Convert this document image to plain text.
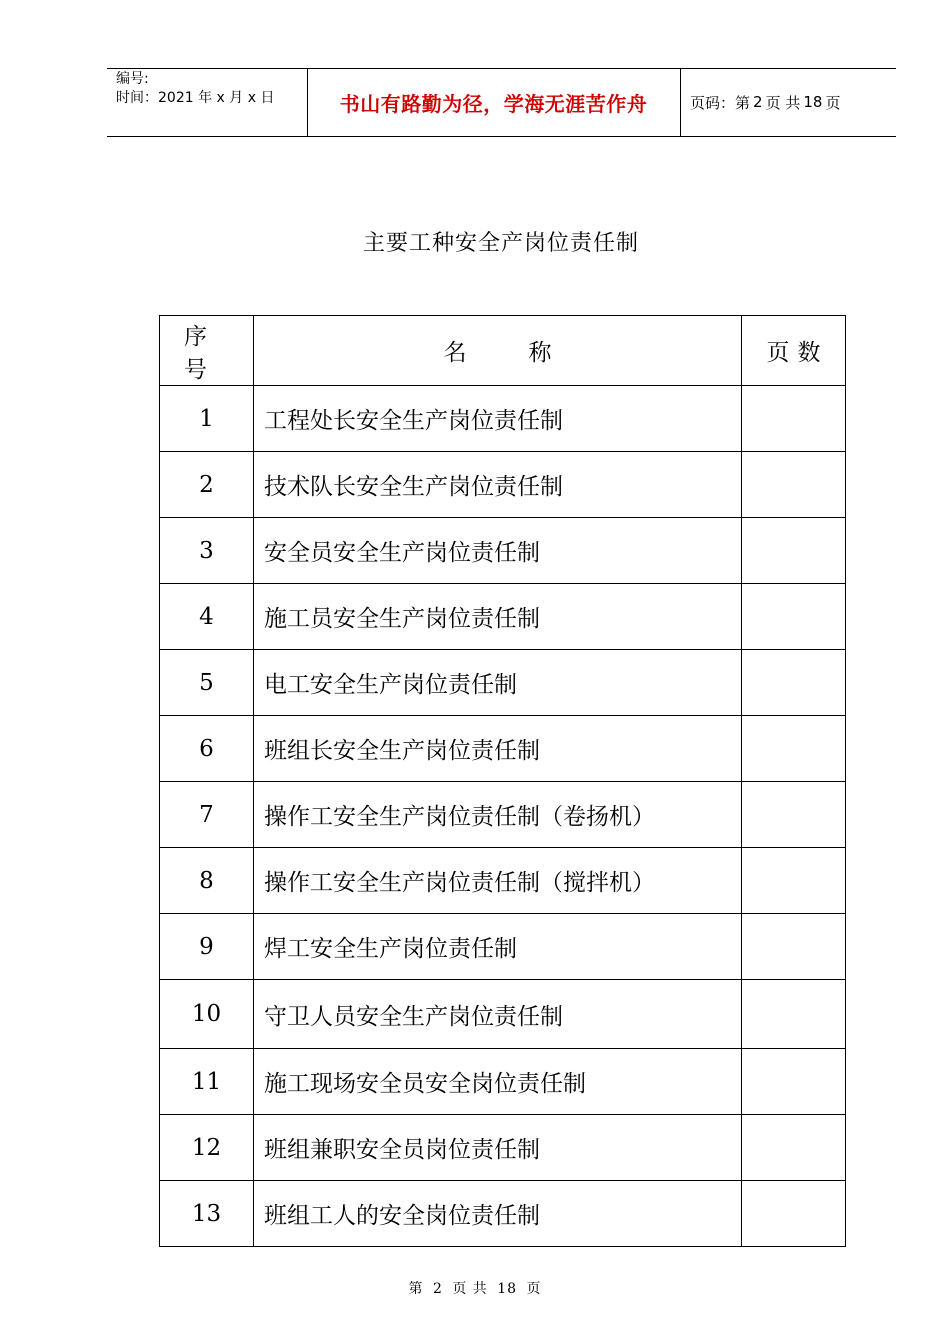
编号:
时间：2021 年 x 月 x 日	书山有路勤为径，学海无涯苦作舟	页码：第 2 页 共 18 页
主要工种安全产岗位责任制
序 号	名称	页数
1	工程处长安全生产岗位责任制	
2	技术队长安全生产岗位责任制	
3	安全员安全生产岗位责任制	
4	施工员安全生产岗位责任制	
5	电工安全生产岗位责任制	
6	班组长安全生产岗位责任制	
7	操作工安全生产岗位责任制（卷扬机）	
8	操作工安全生产岗位责任制（搅拌机）	
9	焊工安全生产岗位责任制	
10	守卫人员安全生产岗位责任制	
11	施工现场安全员安全岗位责任制	
12	班组兼职安全员岗位责任制	
13	班组工人的安全岗位责任制	
第 2 页 共 18 页
